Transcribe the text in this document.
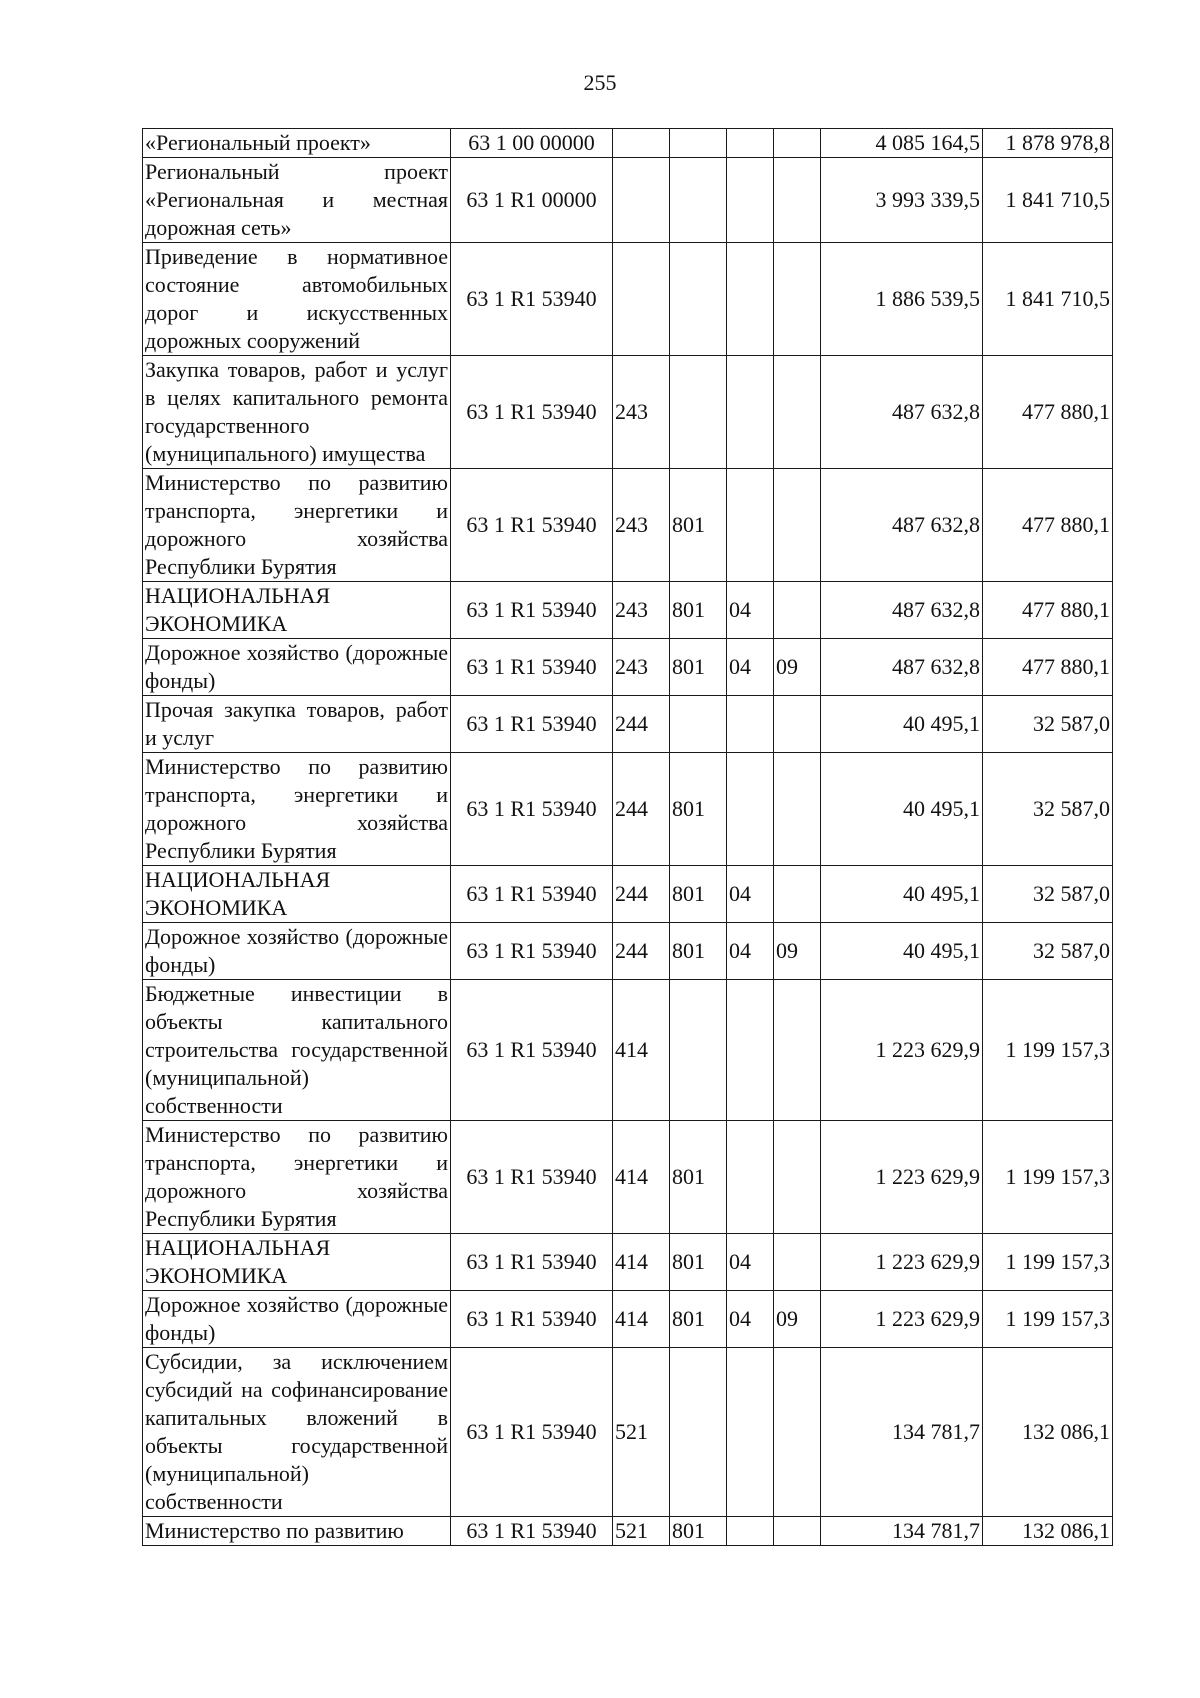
255
«Региональный проект»	63 1 00 00000					4 085 164,5	1 878 978,8
Региональный проект «Региональная и местная дорожная сеть»	63 1 R1 00000					3 993 339,5	1 841 710,5
Приведение в нормативное состояние автомобильных дорог и искусственных дорожных сооружений	63 1 R1 53940					1 886 539,5	1 841 710,5
Закупка товаров, работ и услуг в целях капитального ремонта государственного (муниципального) имущества	63 1 R1 53940	243				487 632,8	477 880,1
Министерство по развитию транспорта, энергетики и дорожного хозяйства Республики Бурятия	63 1 R1 53940	243	801			487 632,8	477 880,1
НАЦИОНАЛЬНАЯ ЭКОНОМИКА	63 1 R1 53940	243	801	04		487 632,8	477 880,1
Дорожное хозяйство (дорожные фонды)	63 1 R1 53940	243	801	04	09	487 632,8	477 880,1
Прочая закупка товаров, работ и услуг	63 1 R1 53940	244				40 495,1	32 587,0
Министерство по развитию транспорта, энергетики и дорожного хозяйства Республики Бурятия	63 1 R1 53940	244	801			40 495,1	32 587,0
НАЦИОНАЛЬНАЯ ЭКОНОМИКА	63 1 R1 53940	244	801	04		40 495,1	32 587,0
Дорожное хозяйство (дорожные фонды)	63 1 R1 53940	244	801	04	09	40 495,1	32 587,0
Бюджетные инвестиции в объекты капитального строительства государственной (муниципальной) собственности	63 1 R1 53940	414				1 223 629,9	1 199 157,3
Министерство по развитию транспорта, энергетики и дорожного хозяйства Республики Бурятия	63 1 R1 53940	414	801			1 223 629,9	1 199 157,3
НАЦИОНАЛЬНАЯ ЭКОНОМИКА	63 1 R1 53940	414	801	04		1 223 629,9	1 199 157,3
Дорожное хозяйство (дорожные фонды)	63 1 R1 53940	414	801	04	09	1 223 629,9	1 199 157,3
Субсидии, за исключением субсидий на софинансирование капитальных вложений в объекты государственной (муниципальной) собственности	63 1 R1 53940	521				134 781,7	132 086,1
Министерство по развитию	63 1 R1 53940	521	801			134 781,7	132 086,1
